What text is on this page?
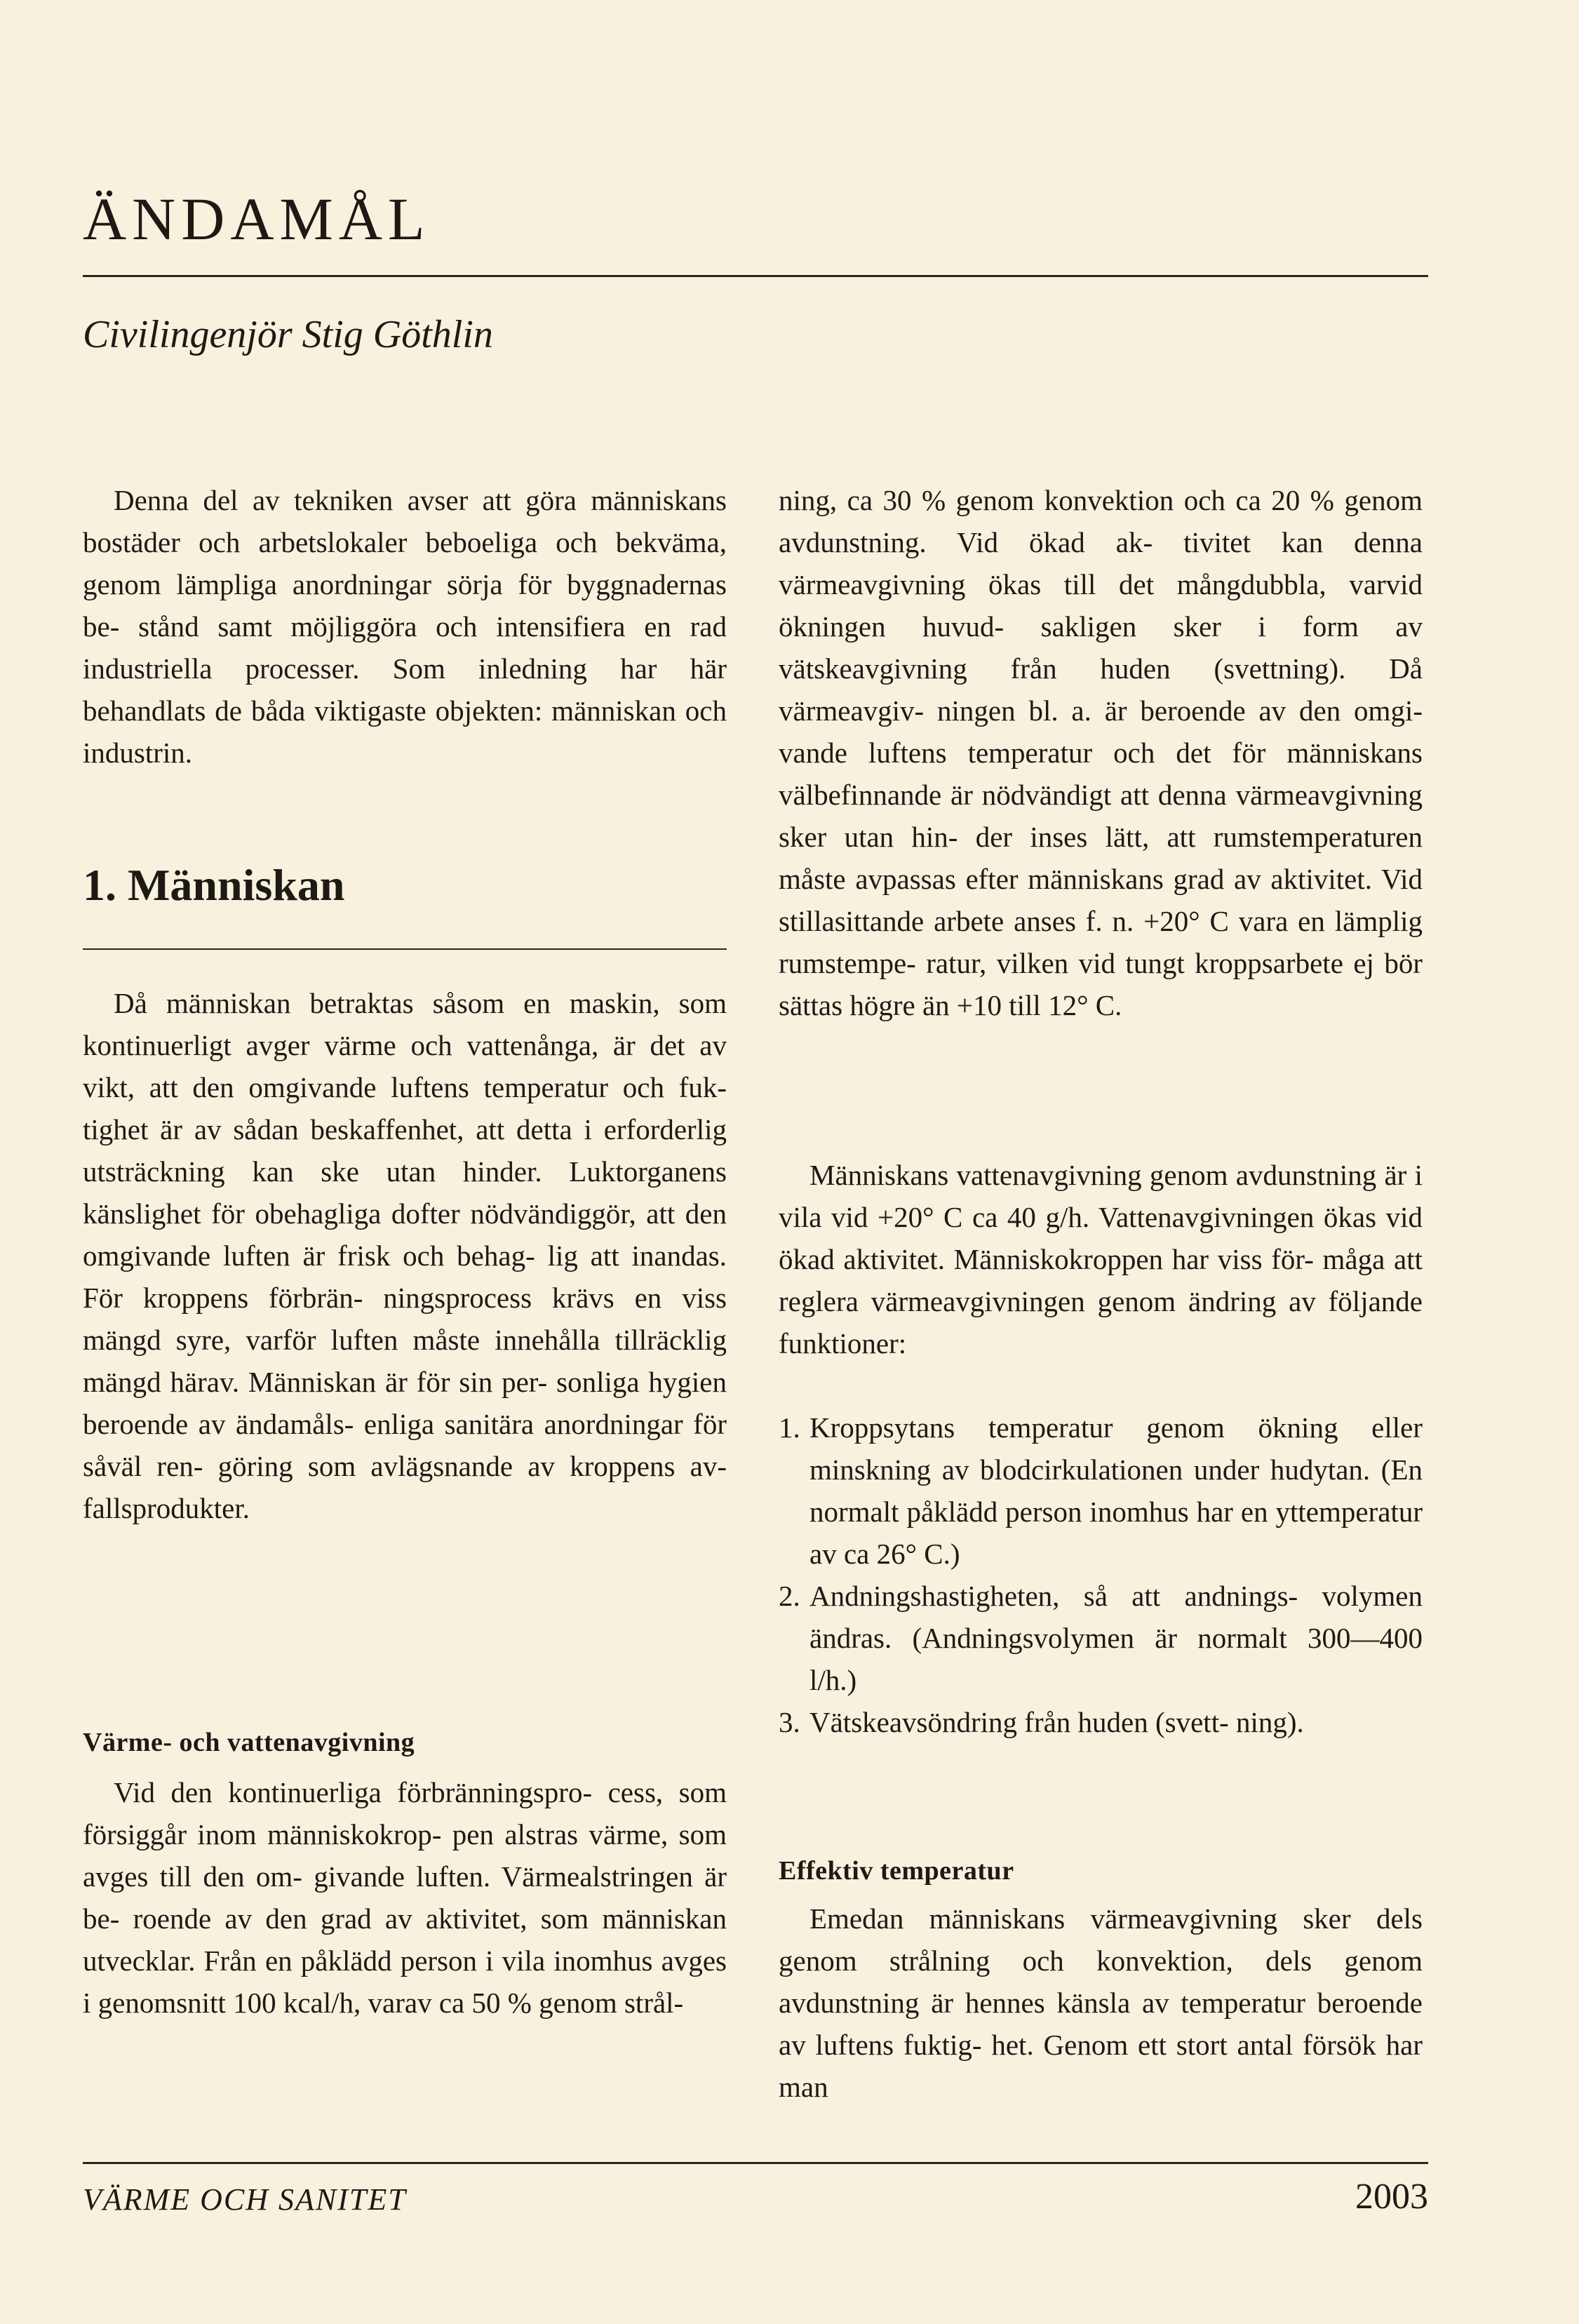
ÄNDAMÅL
Civilingenjör Stig Göthlin

Denna del av tekniken avser att göra människans bostäder och arbetslokaler beboeliga och bekväma, genom lämpliga anordningar sörja för byggnadernas be- stånd samt möjliggöra och intensifiera en rad industriella processer. Som inledning har här behandlats de båda viktigaste objekten: människan och industrin.

1. Människan

Då människan betraktas såsom en maskin, som kontinuerligt avger värme och vattenånga, är det av vikt, att den omgivande luftens temperatur och fuk- tighet är av sådan beskaffenhet, att detta i erforderlig utsträckning kan ske utan hinder. Luktorganens känslighet för obehagliga dofter nödvändiggör, att den omgivande luften är frisk och behag- lig att inandas. För kroppens förbrän- ningsprocess krävs en viss mängd syre, varför luften måste innehålla tillräcklig mängd härav. Människan är för sin per- sonliga hygien beroende av ändamåls- enliga sanitära anordningar för såväl ren- göring som avlägsnande av kroppens av- fallsprodukter.

Värme- och vattenavgivning

Vid den kontinuerliga förbränningspro- cess, som försiggår inom människokrop- pen alstras värme, som avges till den om- givande luften. Värmealstringen är be- roende av den grad av aktivitet, som människan utvecklar. Från en påklädd person i vila inomhus avges i genomsnitt 100 kcal/h, varav ca 50 % genom strål-

ning, ca 30 % genom konvektion och ca 20 % genom avdunstning. Vid ökad ak- tivitet kan denna värmeavgivning ökas till det mångdubbla, varvid ökningen huvud- sakligen sker i form av vätskeavgivning från huden (svettning). Då värmeavgiv- ningen bl. a. är beroende av den omgi- vande luftens temperatur och det för människans välbefinnande är nödvändigt att denna värmeavgivning sker utan hin- der inses lätt, att rumstemperaturen måste avpassas efter människans grad av aktivitet. Vid stillasittande arbete anses f. n. +20° C vara en lämplig rumstempe- ratur, vilken vid tungt kroppsarbete ej bör sättas högre än +10 till 12° C.

Människans vattenavgivning genom avdunstning är i vila vid +20° C ca 40 g/h. Vattenavgivningen ökas vid ökad aktivitet. Människokroppen har viss för- måga att reglera värmeavgivningen genom ändring av följande funktioner:

1. Kroppsytans temperatur genom ökning eller minskning av blodcirkulationen under hudytan. (En normalt påklädd person inomhus har en yttemperatur av ca 26° C.)
2. Andningshastigheten, så att andnings- volymen ändras. (Andningsvolymen är normalt 300—400 l/h.)
3. Vätskeavsöndring från huden (svett- ning).
Effektiv temperatur

Emedan människans värmeavgivning sker dels genom strålning och konvektion, dels genom avdunstning är hennes känsla av temperatur beroende av luftens fuktig- het. Genom ett stort antal försök har man

VÄRME OCH SANITET	2003
